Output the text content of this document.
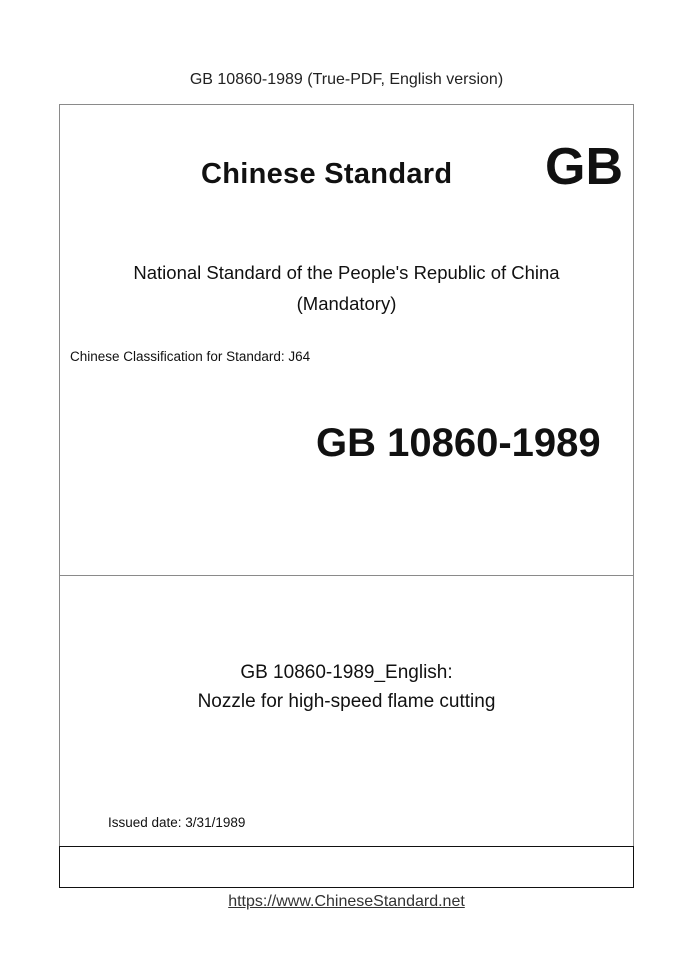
GB 10860-1989 (True-PDF, English version)
Chinese Standard GB
National Standard of the People's Republic of China
(Mandatory)
Chinese Classification for Standard: J64
GB 10860-1989
GB 10860-1989_English:
Nozzle for high-speed flame cutting
Issued date: 3/31/1989
https://www.ChineseStandard.net
